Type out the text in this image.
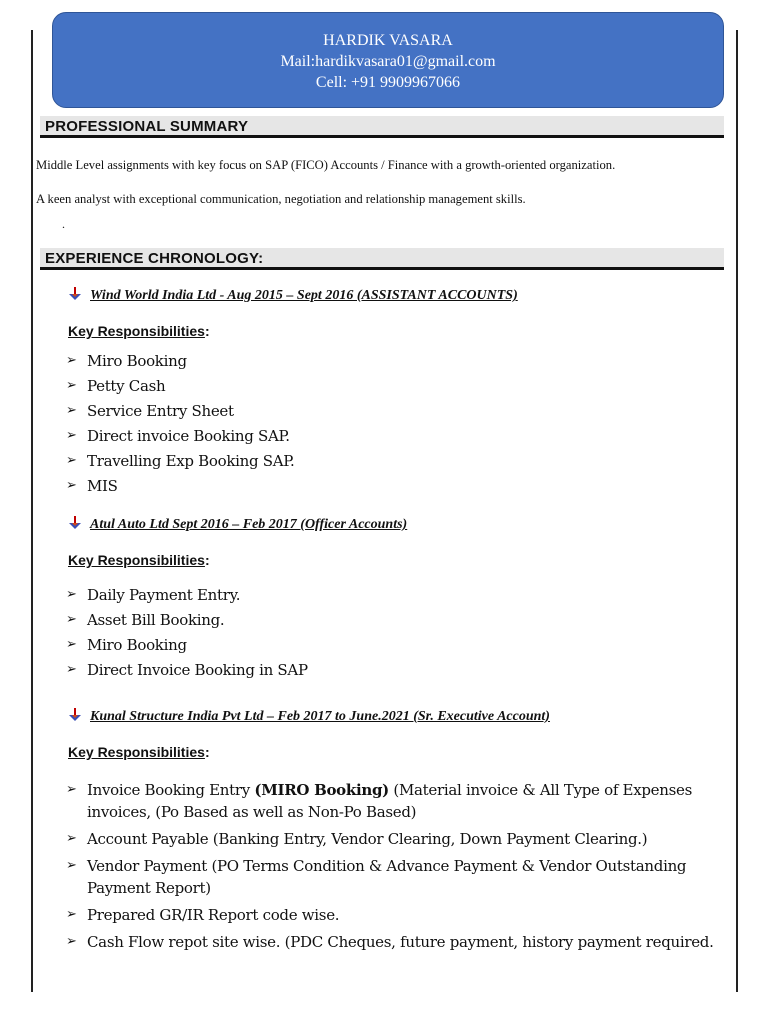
HARDIK VASARA
Mail:hardikvasara01@gmail.com
Cell: +91 9909967066
PROFESSIONAL SUMMARY
Middle Level assignments with key focus on SAP (FICO) Accounts / Finance with a growth-oriented organization.
A keen analyst with exceptional communication, negotiation and relationship management skills.
.
EXPERIENCE CHRONOLOGY:
Wind World India Ltd - Aug 2015 – Sept 2016 (ASSISTANT ACCOUNTS)
Key Responsibilities:
➢ Miro Booking
➢ Petty Cash
➢ Service Entry Sheet
➢ Direct invoice Booking SAP.
➢ Travelling Exp Booking SAP.
➢ MIS
Atul Auto Ltd Sept 2016 – Feb 2017 (Officer Accounts)
Key Responsibilities:
➢ Daily Payment Entry.
➢ Asset Bill Booking.
➢ Miro Booking
➢ Direct Invoice Booking in SAP
Kunal Structure India Pvt Ltd – Feb 2017 to June.2021 (Sr. Executive Account)
Key Responsibilities:
➢ Invoice Booking Entry (MIRO Booking) (Material invoice & All Type of Expenses invoices, (Po Based as well as Non-Po Based)
➢ Account Payable (Banking Entry, Vendor Clearing, Down Payment Clearing.)
➢ Vendor Payment (PO Terms Condition & Advance Payment & Vendor Outstanding Payment Report)
➢ Prepared GR/IR Report code wise.
➢ Cash Flow repot site wise. (PDC Cheques, future payment, history payment required.
